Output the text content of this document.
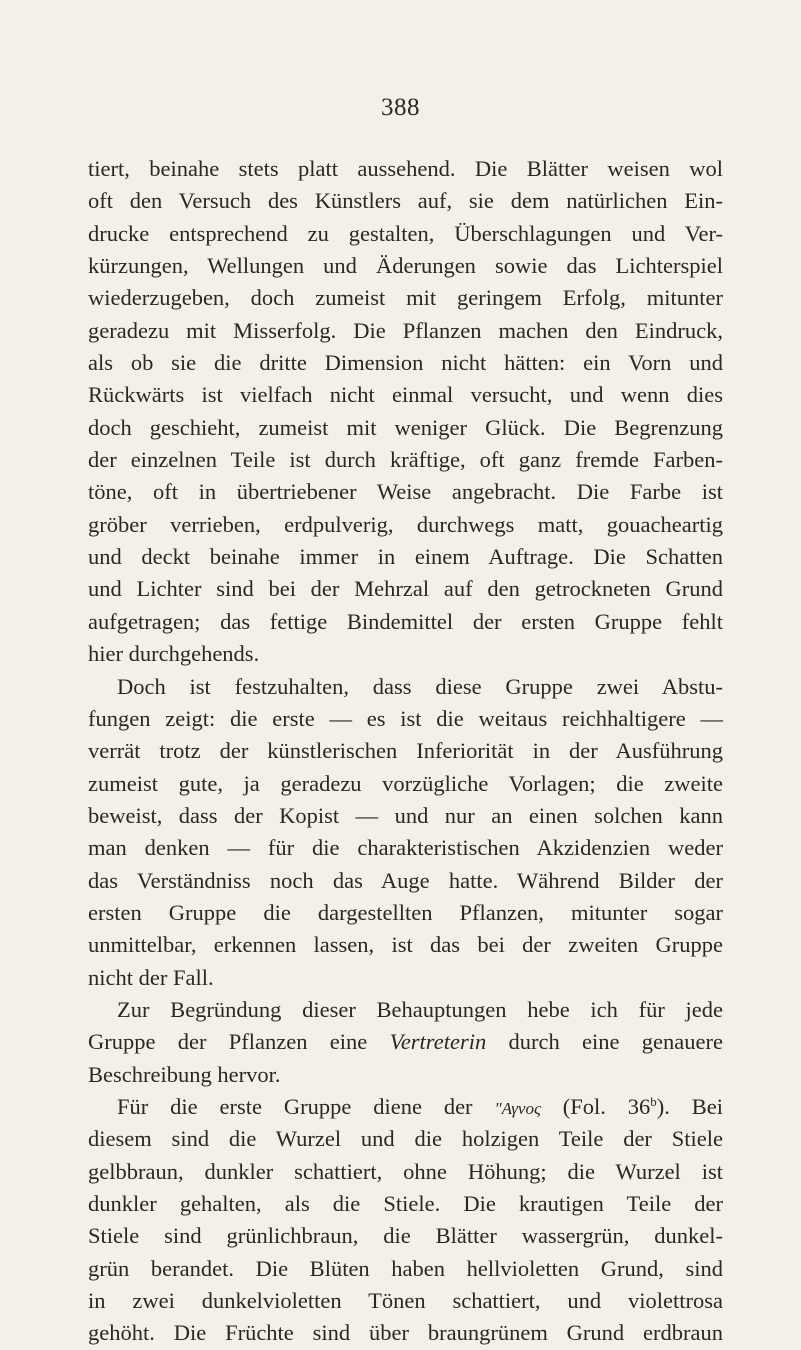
388
tiert, beinahe stets platt aussehend. Die Blätter weisen wol
oft den Versuch des Künstlers auf, sie dem natürlichen Ein-
drucke entsprechend zu gestalten, Überschlagungen und Ver-
kürzungen, Wellungen und Äderungen sowie das Lichterspiel
wiederzugeben, doch zumeist mit geringem Erfolg, mitunter
geradezu mit Misserfolg. Die Pflanzen machen den Eindruck,
als ob sie die dritte Dimension nicht hätten: ein Vorn und
Rückwärts ist vielfach nicht einmal versucht, und wenn dies
doch geschieht, zumeist mit weniger Glück. Die Begrenzung
der einzelnen Teile ist durch kräftige, oft ganz fremde Farben-
töne, oft in übertriebener Weise angebracht. Die Farbe ist
gröber verrieben, erdpulverig, durchwegs matt, gouacheartig
und deckt beinahe immer in einem Auftrage. Die Schatten
und Lichter sind bei der Mehrzal auf den getrockneten Grund
aufgetragen; das fettige Bindemittel der ersten Gruppe fehlt
hier durchgehends.
Doch ist festzuhalten, dass diese Gruppe zwei Abstu-
fungen zeigt: die erste — es ist die weitaus reichhaltigere —
verrät trotz der künstlerischen Inferiorität in der Ausführung
zumeist gute, ja geradezu vorzügliche Vorlagen; die zweite
beweist, dass der Kopist — und nur an einen solchen kann
man denken — für die charakteristischen Akzidenzien weder
das Verständniss noch das Auge hatte. Während Bilder der
ersten Gruppe die dargestellten Pflanzen, mitunter sogar
unmittelbar, erkennen lassen, ist das bei der zweiten Gruppe
nicht der Fall.
Zur Begründung dieser Behauptungen hebe ich für jede
Gruppe der Pflanzen eine Vertreterin durch eine genauere
Beschreibung hervor.
Für die erste Gruppe diene der "Αγνος (Fol. 36$^b$). Bei
diesem sind die Wurzel und die holzigen Teile der Stiele
gelbbraun, dunkler schattiert, ohne Höhung; die Wurzel ist
dunkler gehalten, als die Stiele. Die krautigen Teile der
Stiele sind grünlichbraun, die Blätter wassergrün, dunkel-
grün berandet. Die Blüten haben hellvioletten Grund, sind
in zwei dunkelvioletten Tönen schattiert, und violettrosa
gehöht. Die Früchte sind über braungrünem Grund erdbraun
